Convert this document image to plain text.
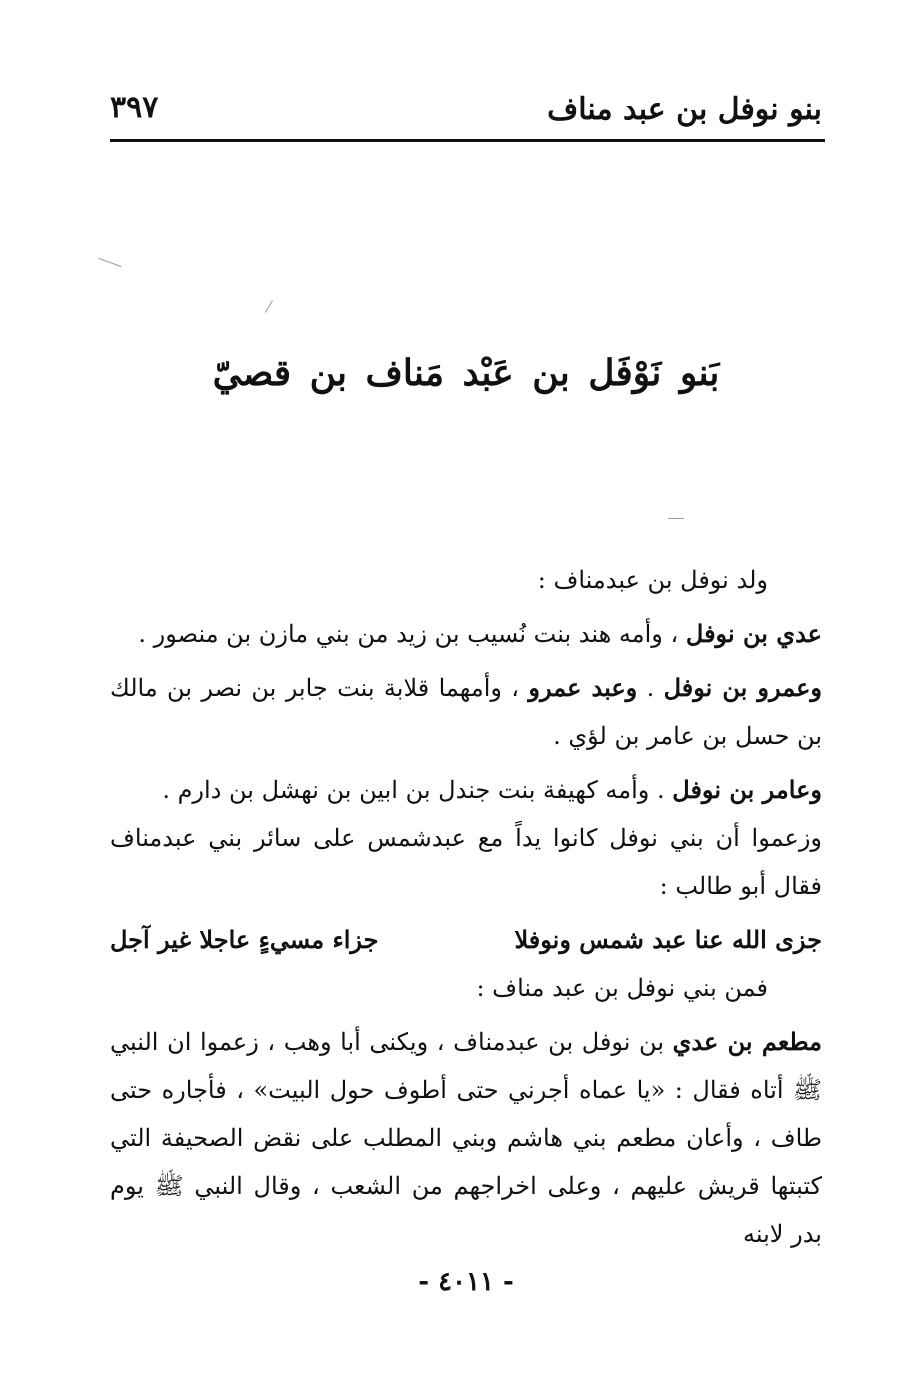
بنو نوفل بن عبد مناف
٣٩٧
بَنو نَوْفَل بن عَبْد مَناف بن قصيّ

ولد نوفل بن عبدمناف :

عدي بن نوفل ، وأمه هند بنت نُسيب بن زيد من بني مازن بن منصور .

وعمرو بن نوفل . وعبد عمرو ، وأمهما قلابة بنت جابر بن نصر بن مالك بن حسل بن عامر بن لؤي .

وعامر بن نوفل . وأمه كهيفة بنت جندل بن ابين بن نهشل بن دارم .

وزعموا أن بني نوفل كانوا يداً مع عبدشمس على سائر بني عبدمناف فقال أبو طالب :

جزى الله عنا عبد شمس ونوفلا
جزاء مسيءٍ عاجلا غير آجل

فمن بني نوفل بن عبد مناف :

مطعم بن عدي بن نوفل بن عبدمناف ، ويكنى أبا وهب ، زعموا ان النبي ﷺ أتاه فقال : «يا عماه أجرني حتى أطوف حول البيت» ، فأجاره حتى طاف ، وأعان مطعم بني هاشم وبني المطلب على نقض الصحيفة التي كتبتها قريش عليهم ، وعلى اخراجهم من الشعب ، وقال النبي ﷺ يوم بدر لابنه

- ٤٠١١ -
